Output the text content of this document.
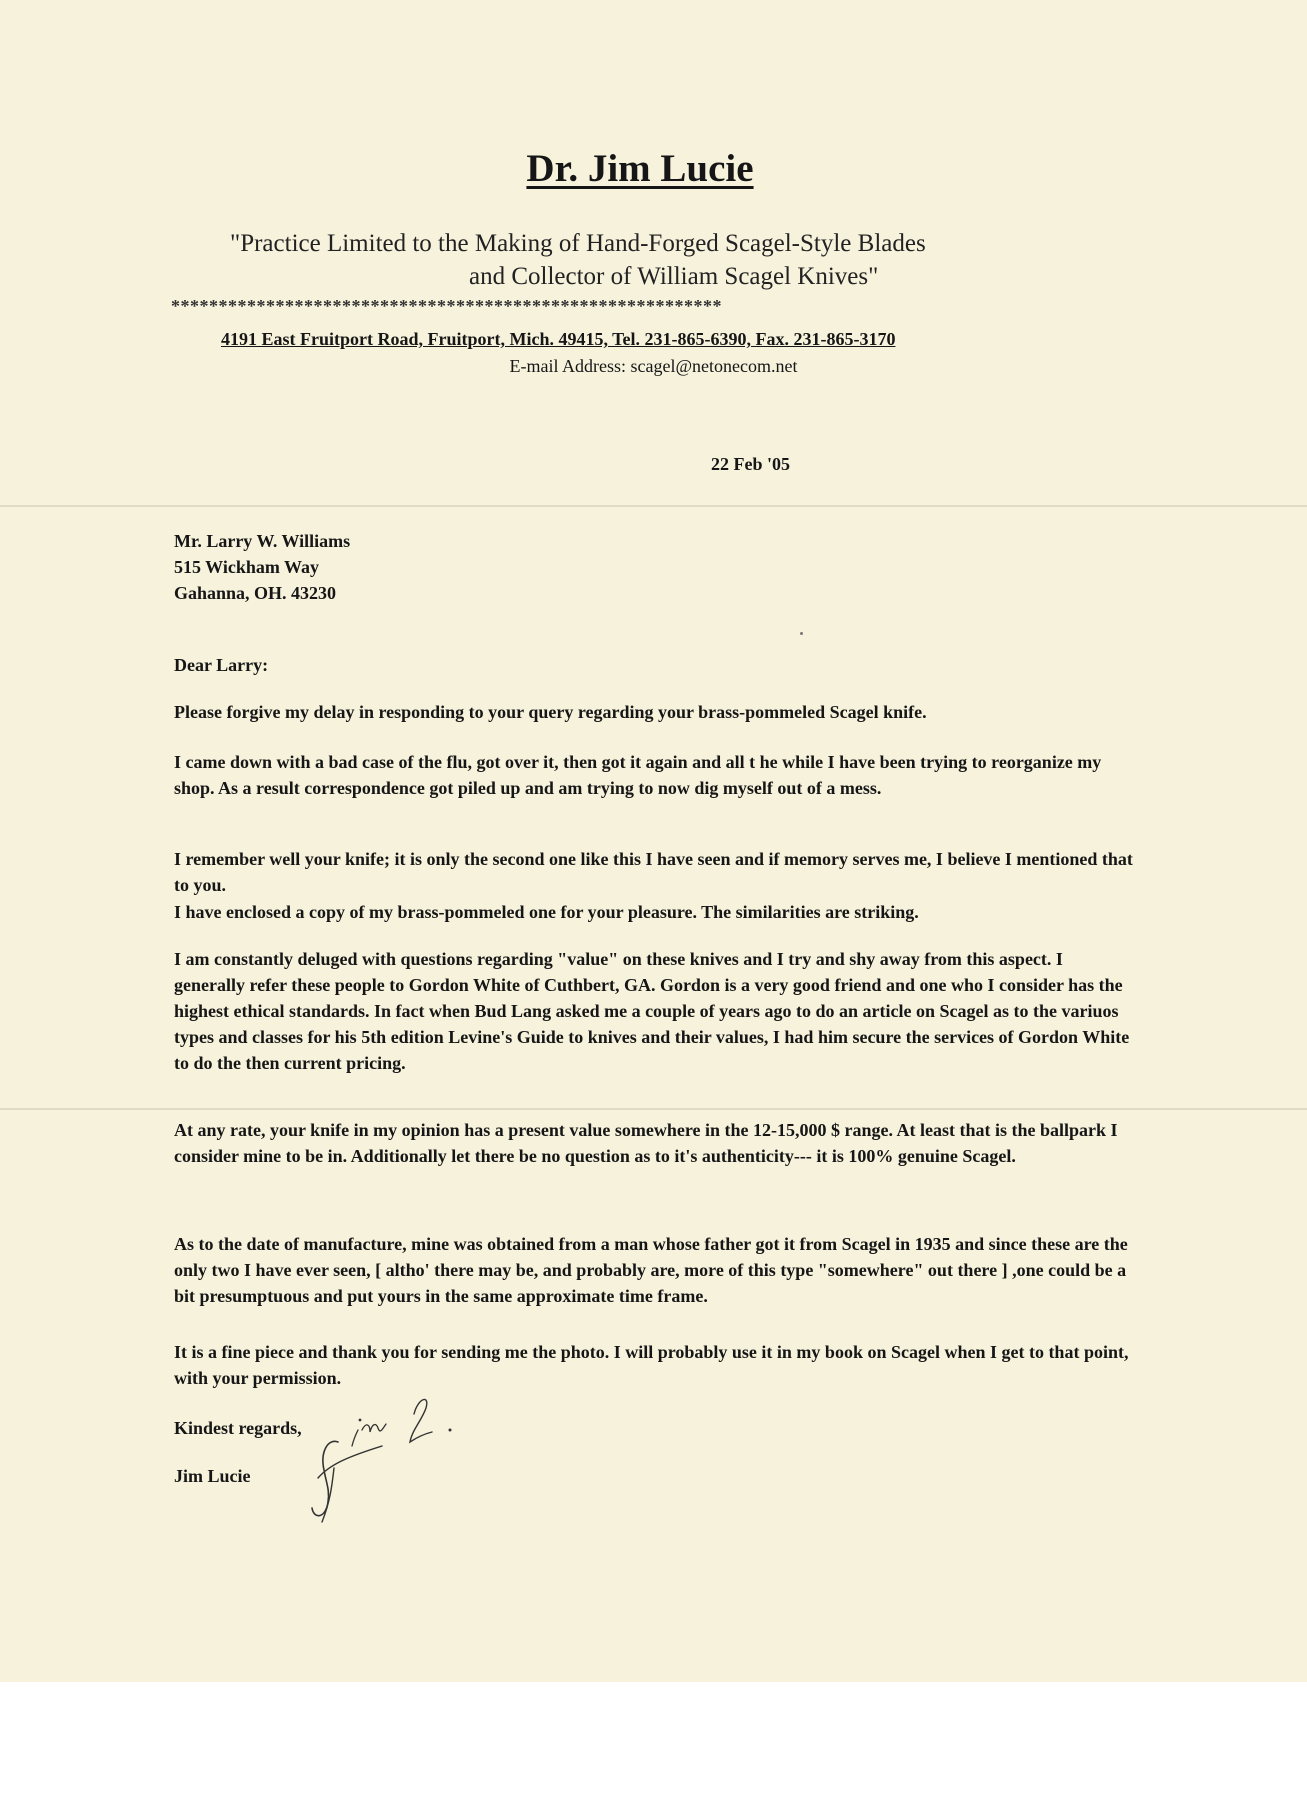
Dr. Jim Lucie
"Practice Limited to the Making of Hand-Forged Scagel-Style Blades
and Collector of William Scagel Knives"
**********************************************************
4191 East Fruitport Road, Fruitport, Mich. 49415, Tel. 231-865-6390, Fax. 231-865-3170
E-mail Address: scagel@netonecom.net
22 Feb '05
Mr. Larry W. Williams
515 Wickham Way
Gahanna, OH. 43230

Dear Larry:

Please forgive my delay in responding to your query regarding your brass-pommeled Scagel knife.

I came down with a bad case of the flu, got over it, then got it again and all t he while I have been trying to reorganize my shop. As a result correspondence got piled up and am trying to now dig myself out of a mess.

I remember well your knife; it is only the second one like this I have seen and if memory serves me, I believe I mentioned that to you.

I have enclosed a copy of my brass-pommeled one for your pleasure. The similarities are striking.

I am constantly deluged with questions regarding "value" on these knives and I try and shy away from this aspect. I generally refer these people to Gordon White of Cuthbert, GA. Gordon is a very good friend and one who I consider has the highest ethical standards. In fact when Bud Lang asked me a couple of years ago to do an article on Scagel as to the variuos types and classes for his 5th edition Levine's Guide to knives and their values, I had him secure the services of Gordon White to do the then current pricing.

At any rate, your knife in my opinion has a present value somewhere in the 12-15,000 $ range. At least that is the ballpark I consider mine to be in. Additionally let there be no question as to it's authenticity--- it is 100% genuine Scagel.

As to the date of manufacture, mine was obtained from a man whose father got it from Scagel in 1935 and since these are the only two I have ever seen, [ altho' there may be, and probably are, more of this type "somewhere" out there ] ,one could be a bit presumptuous and put yours in the same approximate time frame.

It is a fine piece and thank you for sending me the photo. I will probably use it in my book on Scagel when I get to that point, with your permission.

Kindest regards,

Jim Lucie
